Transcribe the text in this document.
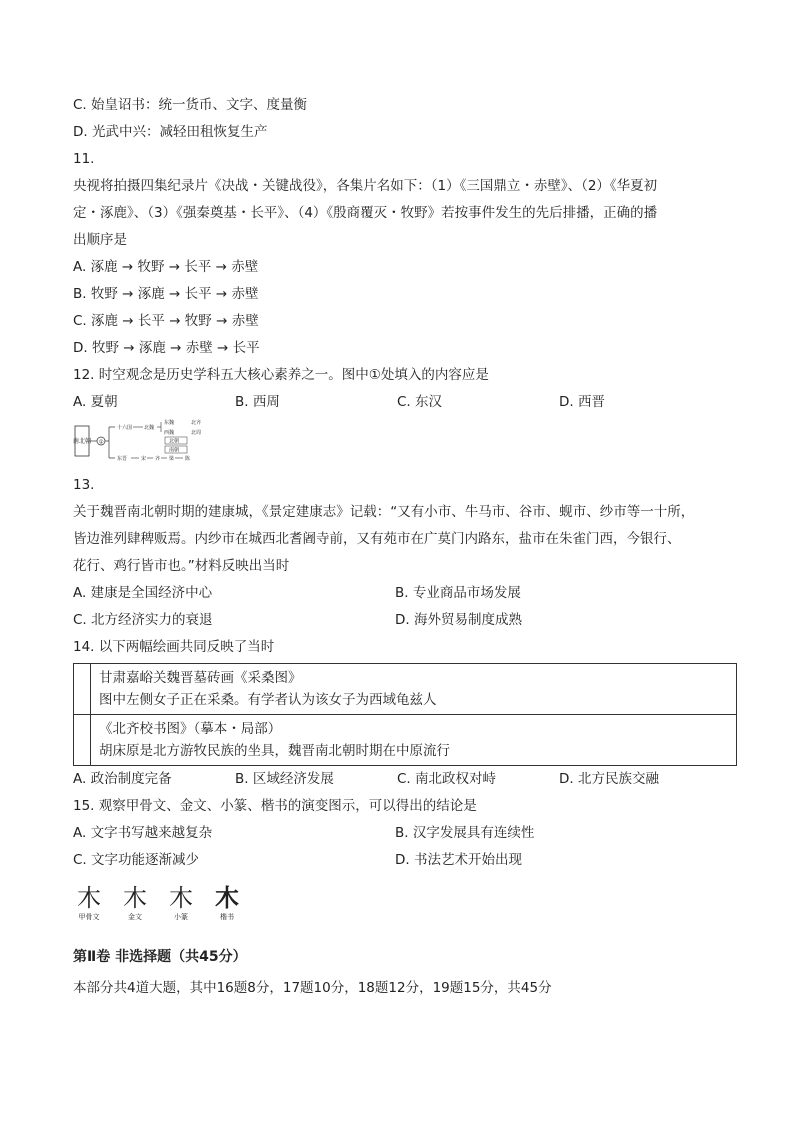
C. 始皇诏书：统一货币、文字、度量衡
D. 光武中兴：减轻田租恢复生产
11.
央视将拍摄四集纪录片《决战・关键战役》，各集片名如下：（1）《三国鼎立・赤壁》、（2）《华夏初
定・涿鹿》、（3）《强秦奠基・长平》、（4）《殷商覆灭・牧野》若按事件发生的先后排播，正确的播
出顺序是
A. 涿鹿 → 牧野 → 长平 → 赤壁
B. 牧野 → 涿鹿 → 长平 → 赤壁
C. 涿鹿 → 长平 → 牧野 → 赤壁
D. 牧野 → 涿鹿 → 赤壁 → 长平
12. 时空观念是历史学科五大核心素养之一。图中①处填入的内容应是
A. 夏朝	B. 西周	C. 东汉	D. 西晋
南北朝 ①
十六国 北魏
东魏	北齐
西魏	北周
北朝
南朝
东晋	宋 齐 梁 陈
13.
关于魏晋南北朝时期的建康城，《景定建康志》记载：“又有小市、牛马市、谷市、蚬市、纱市等一十所，
皆边淮列肆稗贩焉。内纱市在城西北耆阇寺前，又有苑市在广莫门内路东，盐市在朱雀门西，今银行、
花行、鸡行皆市也。”材料反映出当时
A. 建康是全国经济中心	B. 专业商品市场发展
C. 北方经济实力的衰退	D. 海外贸易制度成熟
14. 以下两幅绘画共同反映了当时

	甘肃嘉峪关魏晋墓砖画《采桑图》
图中左侧女子正在采桑。有学者认为该女子为西域龟兹人

	《北齐校书图》（摹本・局部）
胡床原是北方游牧民族的坐具，魏晋南北朝时期在中原流行
A. 政治制度完备	B. 区域经济发展	C. 南北政权对峙	D. 北方民族交融
15. 观察甲骨文、金文、小篆、楷书的演变图示，可以得出的结论是
A. 文字书写越来越复杂	B. 汉字发展具有连续性
C. 文字功能逐渐减少	D. 书法艺术开始出现
木
甲骨文
木
金文
木
小篆
木
楷书
第Ⅱ卷 非选择题（共45分）
本部分共4道大题，其中16题8分，17题10分，18题12分，19题15分，共45分
